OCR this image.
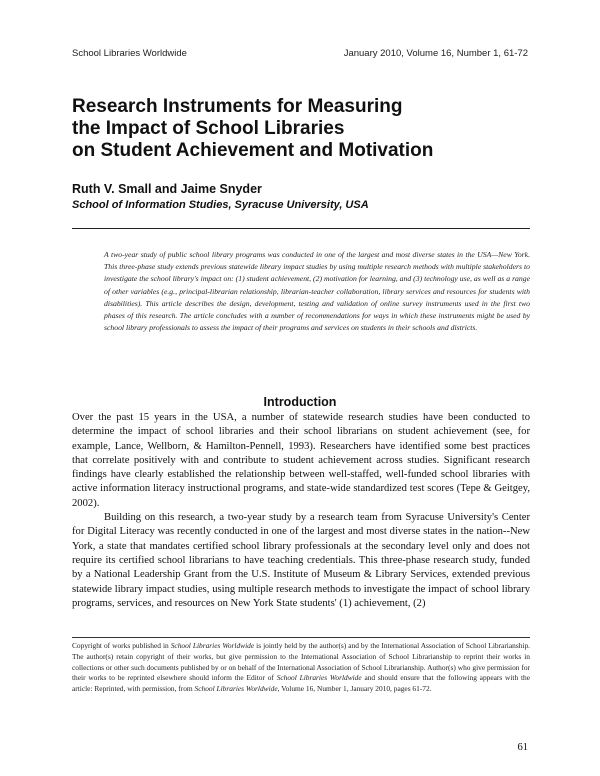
School Libraries Worldwide	January 2010, Volume 16, Number 1, 61-72
Research Instruments for Measuring
the Impact of School Libraries
on Student Achievement and Motivation
Ruth V. Small and Jaime Snyder
School of Information Studies, Syracuse University, USA
A two-year study of public school library programs was conducted in one of the largest and most diverse states in the USA—New York. This three-phase study extends previous statewide library impact studies by using multiple research methods with multiple stakeholders to investigate the school library's impact on: (1) student achievement, (2) motivation for learning, and (3) technology use, as well as a range of other variables (e.g., principal-librarian relationship, librarian-teacher collaboration, library services and resources for students with disabilities). This article describes the design, development, testing and validation of online survey instruments used in the first two phases of this research. The article concludes with a number of recommendations for ways in which these instruments might be used by school library professionals to assess the impact of their programs and services on students in their schools and districts.
Introduction

Over the past 15 years in the USA, a number of statewide research studies have been conducted to determine the impact of school libraries and their school librarians on student achievement (see, for example, Lance, Wellborn, & Hamilton-Pennell, 1993). Researchers have identified some best practices that correlate positively with and contribute to student achievement across studies. Significant research findings have clearly established the relationship between well-staffed, well-funded school libraries with active information literacy instructional programs, and state-wide standardized test scores (Tepe & Geitgey, 2002).

Building on this research, a two-year study by a research team from Syracuse University's Center for Digital Literacy was recently conducted in one of the largest and most diverse states in the nation--New York, a state that mandates certified school library professionals at the secondary level only and does not require its certified school librarians to have teaching credentials. This three-phase research study, funded by a National Leadership Grant from the U.S. Institute of Museum & Library Services, extended previous statewide library impact studies, using multiple research methods to investigate the impact of school library programs, services, and resources on New York State students' (1) achievement, (2)

Copyright of works published in School Libraries Worldwide is jointly held by the author(s) and by the International Association of School Librarianship. The author(s) retain copyright of their works, but give permission to the International Association of School Librarianship to reprint their works in collections or other such documents published by or on behalf of the International Association of School Librarianship. Author(s) who give permission for their works to be reprinted elsewhere should inform the Editor of School Libraries Worldwide and should ensure that the following appears with the article: Reprinted, with permission, from School Libraries Worldwide, Volume 16, Number 1, January 2010, pages 61-72.
61
